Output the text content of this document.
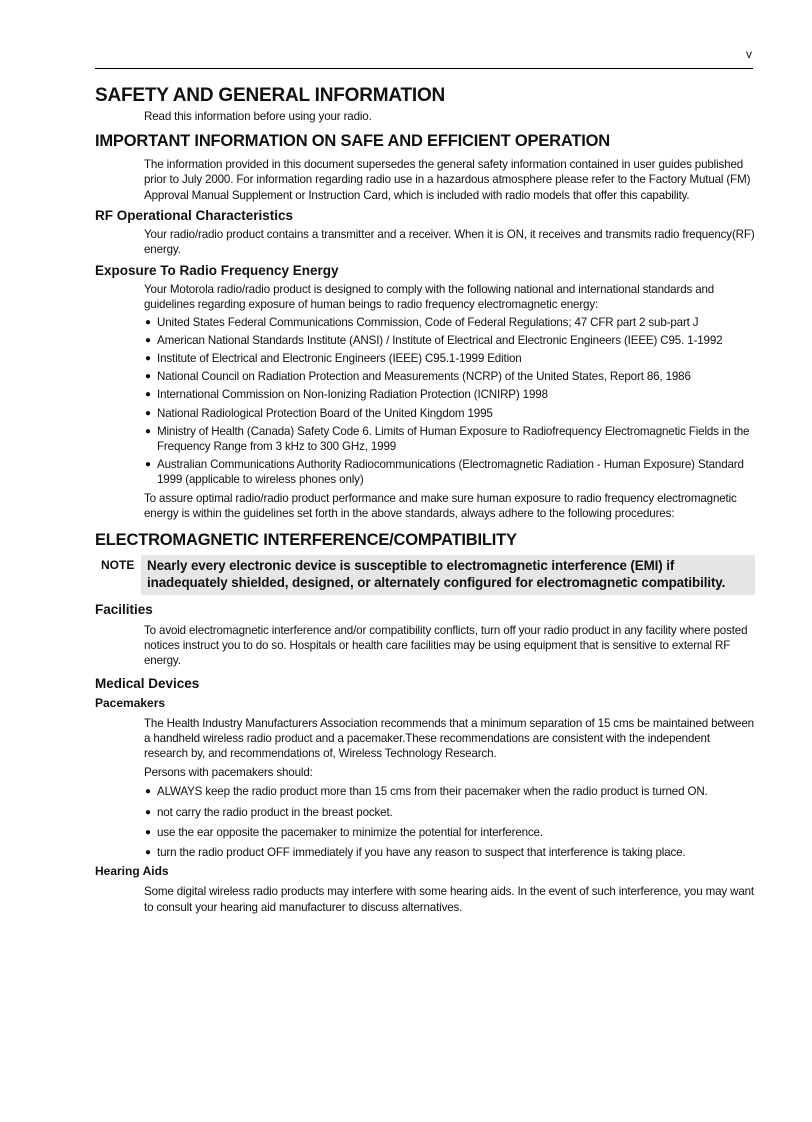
v
SAFETY AND GENERAL INFORMATION

Read this information before using your radio.

IMPORTANT INFORMATION ON SAFE AND EFFICIENT OPERATION

The information provided in this document supersedes the general safety information contained in user guides published prior to July 2000. For information regarding radio use in a hazardous atmosphere please refer to the Factory Mutual (FM) Approval Manual Supplement or Instruction Card, which is included with radio models that offer this capability.

RF Operational Characteristics

Your radio/radio product contains a transmitter and a receiver. When it is ON, it receives and transmits radio frequency(RF) energy.

Exposure To Radio Frequency Energy

Your Motorola radio/radio product is designed to comply with the following national and international standards and guidelines regarding exposure of human beings to radio frequency electromagnetic energy:

● United States Federal Communications Commission, Code of Federal Regulations; 47 CFR part 2 sub-part J
● American National Standards Institute (ANSI) / Institute of Electrical and Electronic Engineers (IEEE) C95. 1-1992
● Institute of Electrical and Electronic Engineers (IEEE) C95.1-1999 Edition
● National Council on Radiation Protection and Measurements (NCRP) of the United States, Report 86, 1986
● International Commission on Non-Ionizing Radiation Protection (ICNIRP) 1998
● National Radiological Protection Board of the United Kingdom 1995
● Ministry of Health (Canada) Safety Code 6. Limits of Human Exposure to Radiofrequency Electromagnetic Fields in the Frequency Range from 3 kHz to 300 GHz, 1999
● Australian Communications Authority Radiocommunications (Electromagnetic Radiation - Human Exposure) Standard 1999 (applicable to wireless phones only)

To assure optimal radio/radio product performance and make sure human exposure to radio frequency electromagnetic energy is within the guidelines set forth in the above standards, always adhere to the following procedures:

ELECTROMAGNETIC INTERFERENCE/COMPATIBILITY
NOTE Nearly every electronic device is susceptible to electromagnetic interference (EMI) if inadequately shielded, designed, or alternately configured for electromagnetic compatibility.
Facilities

To avoid electromagnetic interference and/or compatibility conflicts, turn off your radio product in any facility where posted notices instruct you to do so. Hospitals or health care facilities may be using equipment that is sensitive to external RF energy.

Medical Devices
Pacemakers

The Health Industry Manufacturers Association recommends that a minimum separation of 15 cms be maintained between a handheld wireless radio product and a pacemaker.These recommendations are consistent with the independent research by, and recommendations of, Wireless Technology Research.

Persons with pacemakers should:

● ALWAYS keep the radio product more than 15 cms from their pacemaker when the radio product is turned ON.
● not carry the radio product in the breast pocket.
● use the ear opposite the pacemaker to minimize the potential for interference.
● turn the radio product OFF immediately if you have any reason to suspect that interference is taking place.
Hearing Aids

Some digital wireless radio products may interfere with some hearing aids. In the event of such interference, you may want to consult your hearing aid manufacturer to discuss alternatives.
